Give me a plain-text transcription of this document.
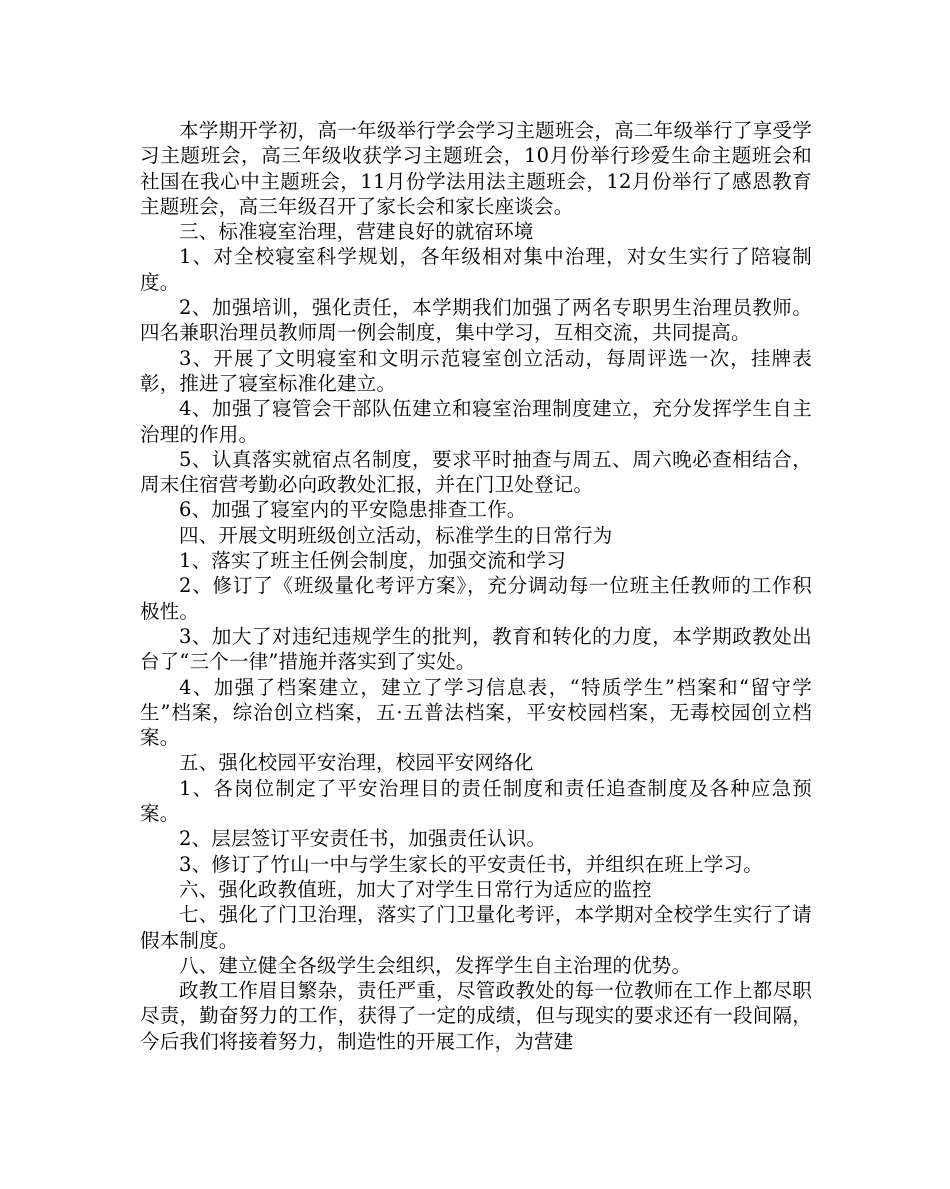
本学期开学初，高一年级举行学会学习主题班会，高二年级举行了享受学习主题班会，高三年级收获学习主题班会，10月份举行珍爱生命主题班会和社国在我心中主题班会，11月份学法用法主题班会，12月份举行了感恩教育主题班会，高三年级召开了家长会和家长座谈会。

三、标准寝室治理，营建良好的就宿环境

1、对全校寝室科学规划，各年级相对集中治理，对女生实行了陪寝制度。

2、加强培训，强化责任，本学期我们加强了两名专职男生治理员教师。四名兼职治理员教师周一例会制度，集中学习，互相交流，共同提高。

3、开展了文明寝室和文明示范寝室创立活动，每周评选一次，挂牌表彰，推进了寝室标准化建立。

4、加强了寝管会干部队伍建立和寝室治理制度建立，充分发挥学生自主治理的作用。

5、认真落实就宿点名制度，要求平时抽查与周五、周六晚必查相结合，周末住宿营考勤必向政教处汇报，并在门卫处登记。

6、加强了寝室内的平安隐患排查工作。

四、开展文明班级创立活动，标准学生的日常行为

1、落实了班主任例会制度，加强交流和学习

2、修订了《班级量化考评方案》，充分调动每一位班主任教师的工作积极性。

3、加大了对违纪违规学生的批判，教育和转化的力度，本学期政教处出台了“三个一律”措施并落实到了实处。

4、加强了档案建立，建立了学习信息表，“特质学生”档案和“留守学生”档案，综治创立档案，五·五普法档案，平安校园档案，无毒校园创立档案。

五、强化校园平安治理，校园平安网络化

1、各岗位制定了平安治理目的责任制度和责任追查制度及各种应急预案。

2、层层签订平安责任书，加强责任认识。

3、修订了竹山一中与学生家长的平安责任书，并组织在班上学习。

六、强化政教值班，加大了对学生日常行为适应的监控

七、强化了门卫治理，落实了门卫量化考评，本学期对全校学生实行了请假本制度。

八、建立健全各级学生会组织，发挥学生自主治理的优势。

政教工作眉目繁杂，责任严重，尽管政教处的每一位教师在工作上都尽职尽责，勤奋努力的工作，获得了一定的成绩，但与现实的要求还有一段间隔，今后我们将接着努力，制造性的开展工作，为营建
